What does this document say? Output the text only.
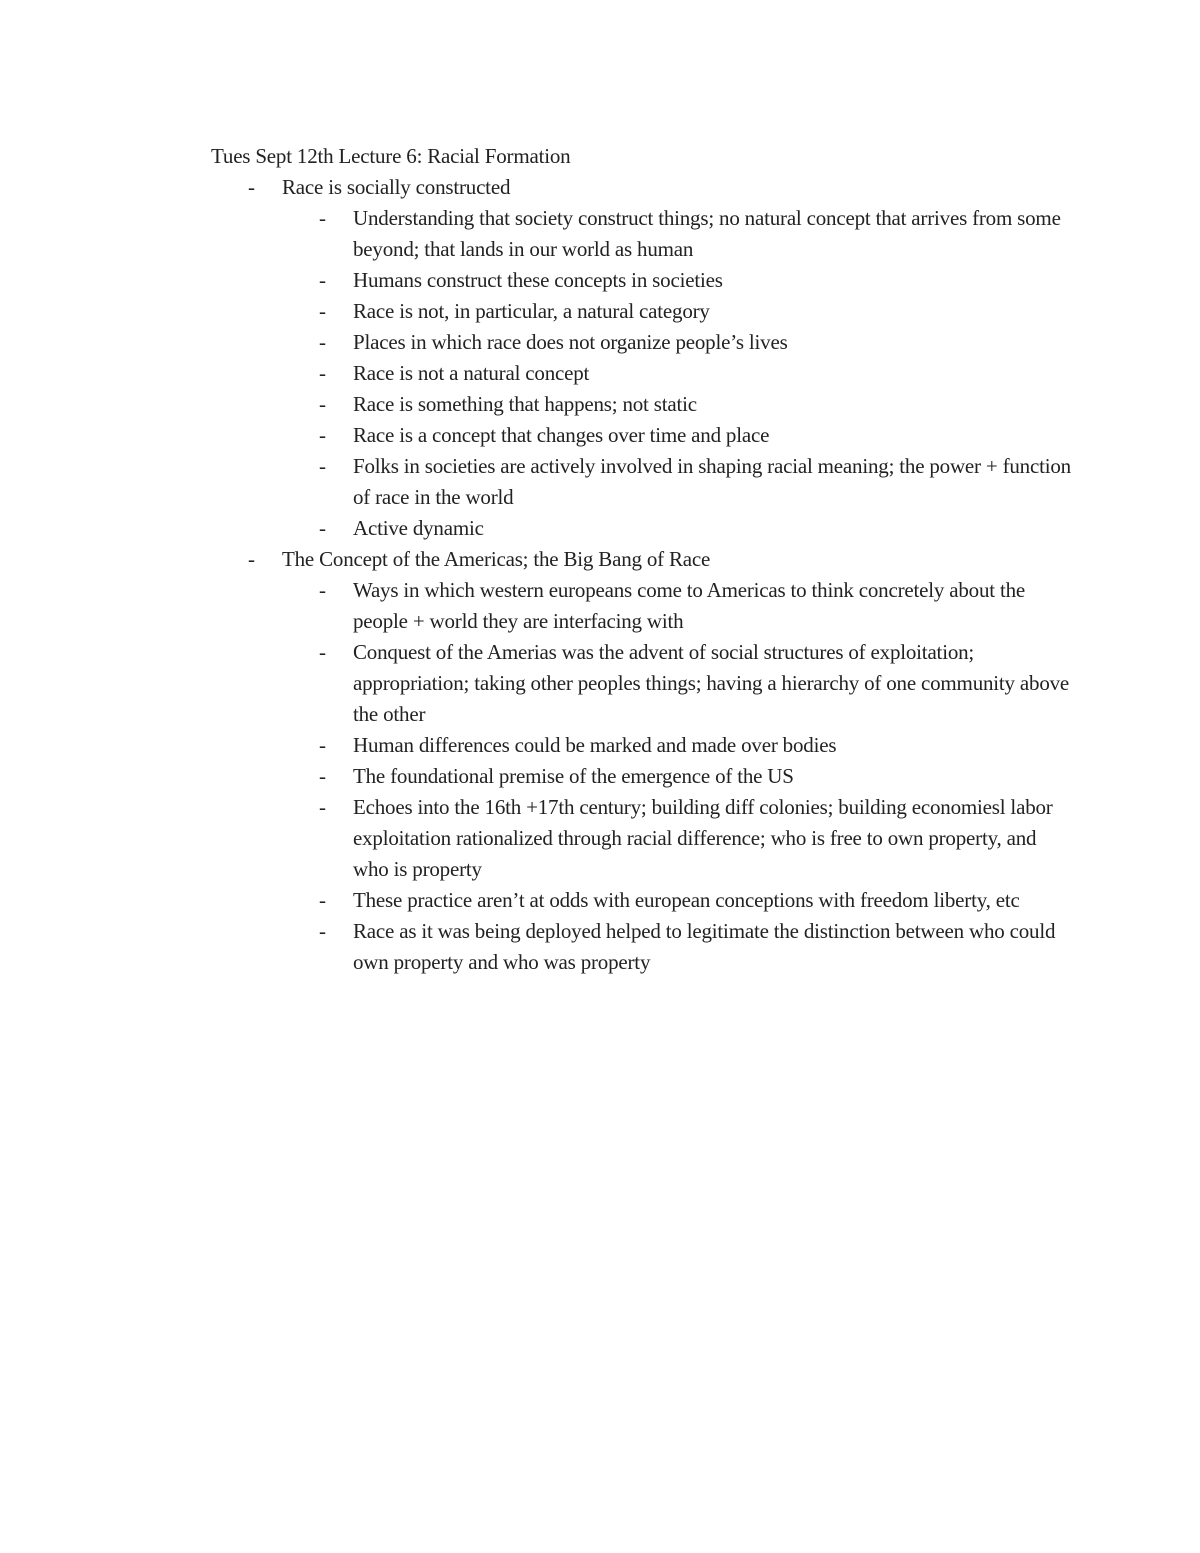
Tues Sept 12th Lecture 6: Racial Formation
- Race is socially constructed
- Understanding that society construct things; no natural concept that arrives from some beyond; that lands in our world as human
- Humans construct these concepts in societies
- Race is not, in particular, a natural category
- Places in which race does not organize people’s lives
- Race is not a natural concept
- Race is something that happens; not static
- Race is a concept that changes over time and place
- Folks in societies are actively involved in shaping racial meaning; the power + function of race in the world
- Active dynamic
- The Concept of the Americas; the Big Bang of Race
- Ways in which western europeans come to Americas to think concretely about the people + world they are interfacing with
- Conquest of the Amerias was the advent of social structures of exploitation; appropriation; taking other peoples things; having a hierarchy of one community above the other
- Human differences could be marked and made over bodies
- The foundational premise of the emergence of the US
- Echoes into the 16th +17th century; building diff colonies; building economiesl labor exploitation rationalized through racial difference; who is free to own property, and who is property
- These practice aren’t at odds with european conceptions with freedom liberty, etc
- Race as it was being deployed helped to legitimate the distinction between who could own property and who was property
